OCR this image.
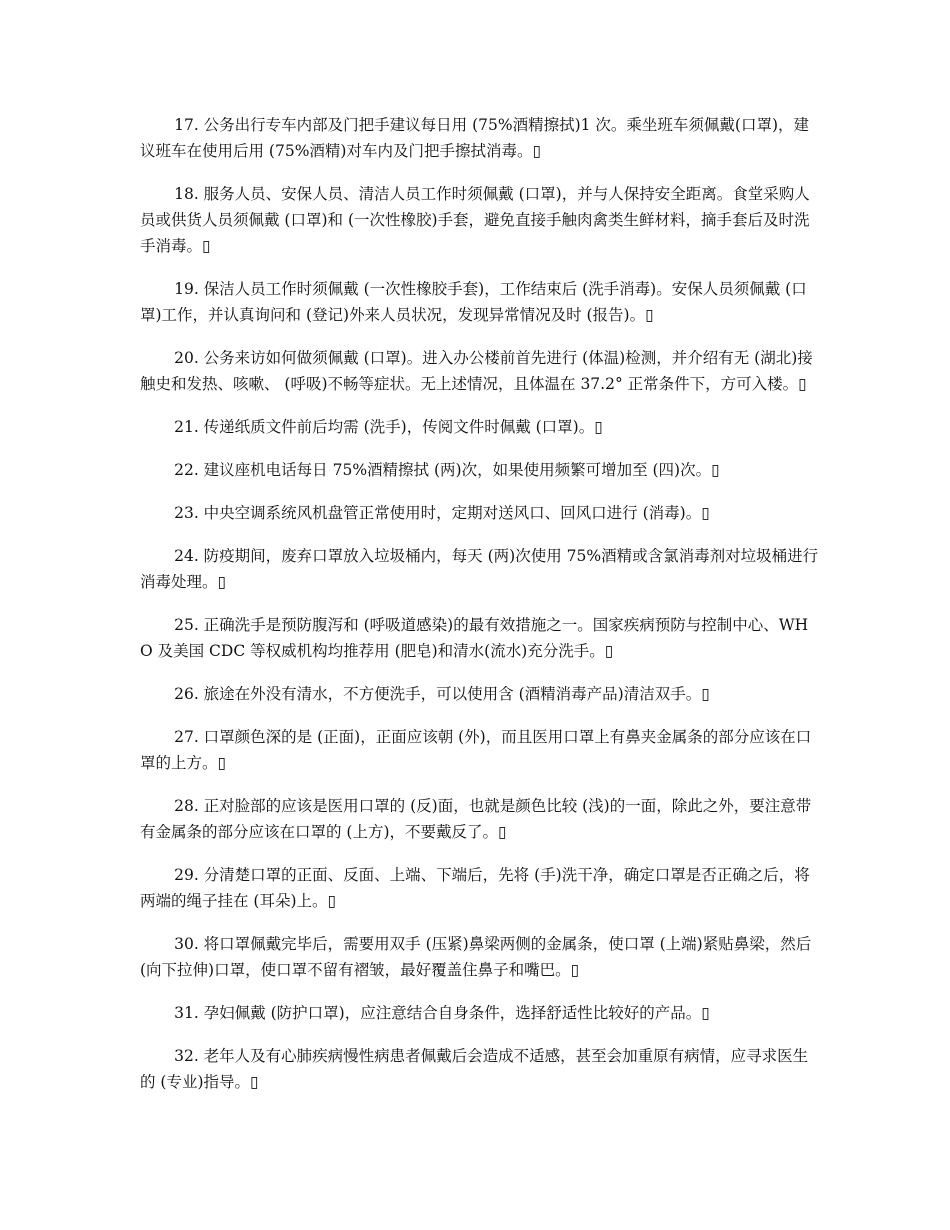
17. 公务出行专车内部及门把手建议每日用 (75%酒精擦拭)1 次。乘坐班车须佩戴(口罩)，建议班车在使用后用 (75%酒精)对车内及门把手擦拭消毒。▯

18. 服务人员、安保人员、清洁人员工作时须佩戴 (口罩)，并与人保持安全距离。食堂采购人员或供货人员须佩戴 (口罩)和 (一次性橡胶)手套，避免直接手触肉禽类生鲜材料，摘手套后及时洗手消毒。▯

19. 保洁人员工作时须佩戴 (一次性橡胶手套)，工作结束后 (洗手消毒)。安保人员须佩戴 (口罩)工作，并认真询问和 (登记)外来人员状况，发现异常情况及时 (报告)。▯

20. 公务来访如何做须佩戴 (口罩)。进入办公楼前首先进行 (体温)检测，并介绍有无 (湖北)接触史和发热、咳嗽、 (呼吸)不畅等症状。无上述情况，且体温在 37.2° 正常条件下，方可入楼。▯

21. 传递纸质文件前后均需 (洗手)，传阅文件时佩戴 (口罩)。▯

22. 建议座机电话每日 75%酒精擦拭 (两)次，如果使用频繁可增加至 (四)次。▯

23. 中央空调系统风机盘管正常使用时，定期对送风口、回风口进行 (消毒)。▯

24. 防疫期间，废弃口罩放入垃圾桶内，每天 (两)次使用 75%酒精或含氯消毒剂对垃圾桶进行消毒处理。▯

25. 正确洗手是预防腹泻和 (呼吸道感染)的最有效措施之一。国家疾病预防与控制中心、WHO 及美国 CDC 等权威机构均推荐用 (肥皂)和清水(流水)充分洗手。▯

26. 旅途在外没有清水，不方便洗手，可以使用含 (酒精消毒产品)清洁双手。▯

27. 口罩颜色深的是 (正面)，正面应该朝 (外)，而且医用口罩上有鼻夹金属条的部分应该在口罩的上方。▯

28. 正对脸部的应该是医用口罩的 (反)面，也就是颜色比较 (浅)的一面，除此之外，要注意带有金属条的部分应该在口罩的 (上方)，不要戴反了。▯

29. 分清楚口罩的正面、反面、上端、下端后，先将 (手)洗干净，确定口罩是否正确之后，将两端的绳子挂在 (耳朵)上。▯

30. 将口罩佩戴完毕后，需要用双手 (压紧)鼻梁两侧的金属条，使口罩 (上端)紧贴鼻梁，然后 (向下拉伸)口罩，使口罩不留有褶皱，最好覆盖住鼻子和嘴巴。▯

31. 孕妇佩戴 (防护口罩)，应注意结合自身条件，选择舒适性比较好的产品。▯

32. 老年人及有心肺疾病慢性病患者佩戴后会造成不适感，甚至会加重原有病情，应寻求医生的 (专业)指导。▯
